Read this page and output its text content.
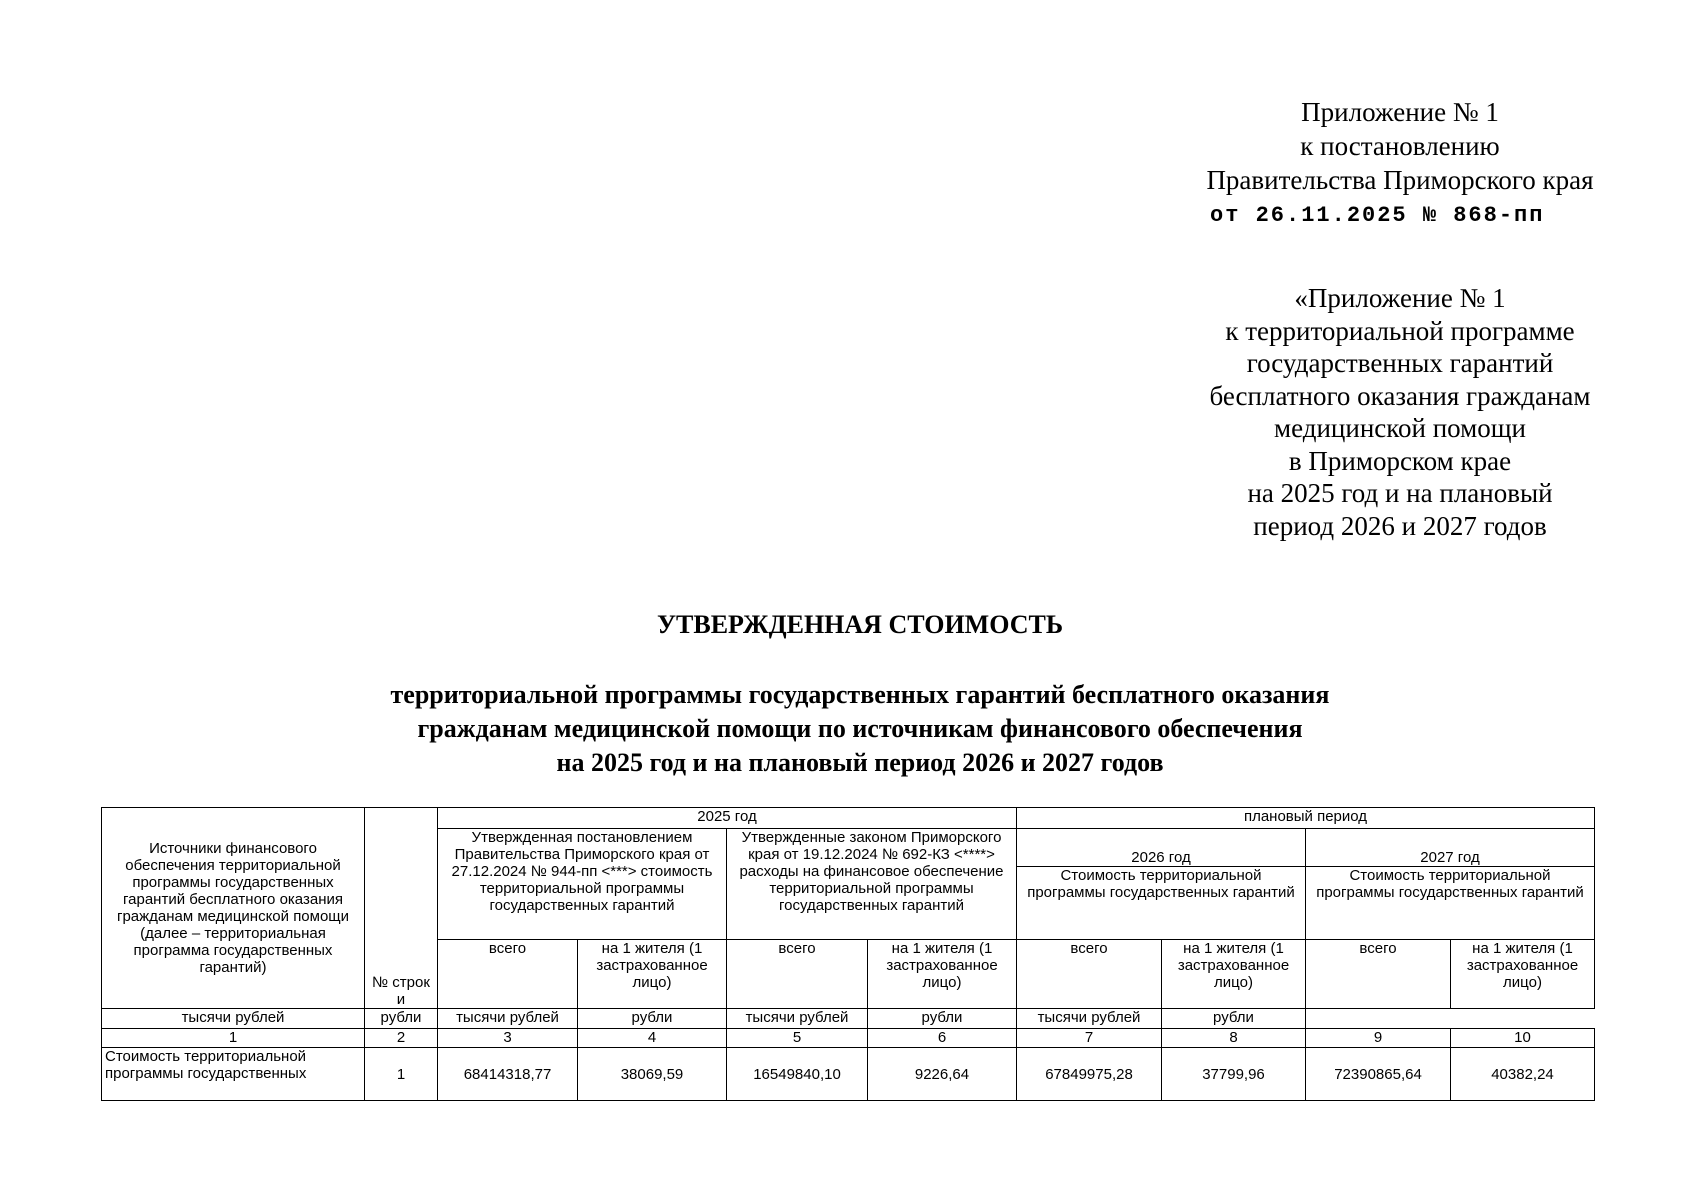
Приложение № 1
к постановлению
Правительства Приморского края
от 26.11.2025 № 868-пп
«Приложение № 1
к территориальной программе
государственных гарантий
бесплатного оказания гражданам
медицинской помощи
в Приморском крае
на 2025 год и на плановый
период 2026 и 2027 годов
УТВЕРЖДЕННАЯ СТОИМОСТЬ
территориальной программы государственных гарантий бесплатного оказания
гражданам медицинской помощи по источникам финансового обеспечения
на 2025 год и на плановый период 2026 и 2027 годов
Источники финансового обеспечения территориальной программы государственных гарантий бесплатного оказания гражданам медицинской помощи (далее – территориальная программа государственных гарантий)	№ строк и	2025 год				плановый период			
		Утвержденная постановлением Правительства Приморского края от 27.12.2024 № 944-пп <***> стоимость территориальной программы государственных гарантий		Утвержденные законом Приморского края от 19.12.2024 № 692-КЗ <****> расходы на финансовое обеспечение территориальной программы государственных гарантий		2026 год		2027 год	
						Стоимость территориальной программы государственных гарантий		Стоимость территориальной программы государственных гарантий	
		всего	на 1 жителя (1 застрахованное лицо)	всего	на 1 жителя (1 застрахованное лицо)	всего	на 1 жителя (1 застрахованное лицо)	всего	на 1 жителя (1 застрахованное лицо)
тысячи рублей	рубли	тысячи рублей	рубли	тысячи рублей	рубли	тысячи рублей	рубли		
1	2	3	4	5	6	7	8	9	10
Стоимость территориальной программы государственных	1	68414318,77	38069,59	16549840,10	9226,64	67849975,28	37799,96	72390865,64	40382,24
